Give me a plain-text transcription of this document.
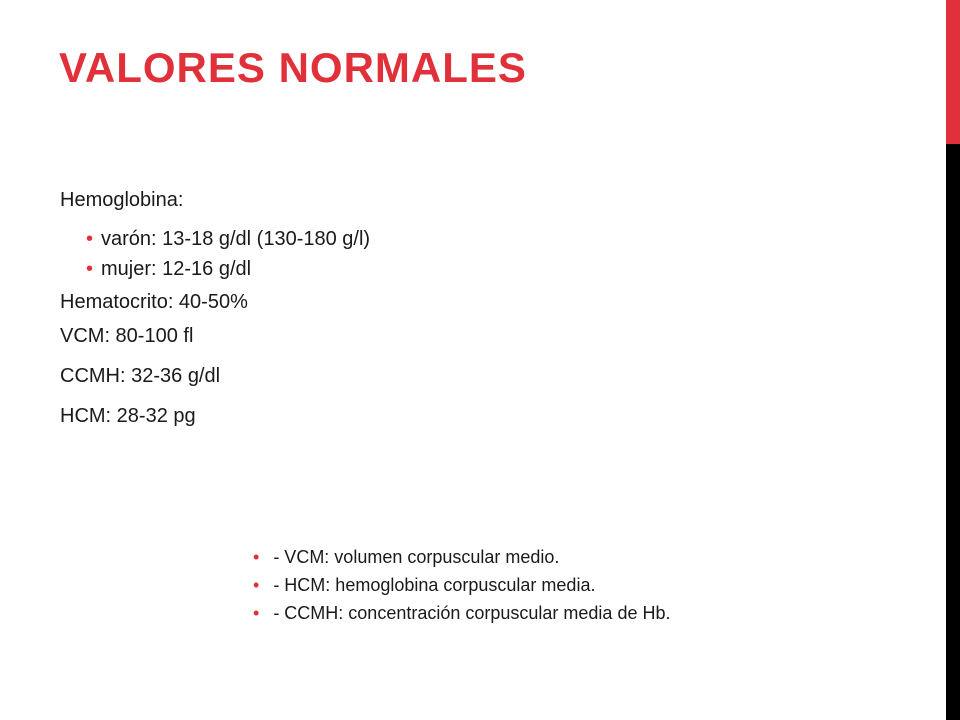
VALORES NORMALES
Hemoglobina:
• varón: 13-18 g/dl (130-180 g/l)
• mujer: 12-16 g/dl
Hematocrito: 40-50%
VCM: 80-100 fl
CCMH: 32-36 g/dl
HCM: 28-32 pg
• - VCM: volumen corpuscular medio.
• - HCM: hemoglobina corpuscular media.
• - CCMH: concentración corpuscular media de Hb.
